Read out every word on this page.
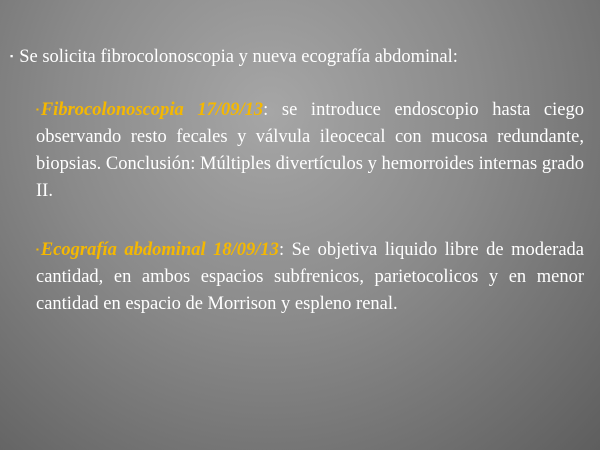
▪ Se solicita fibrocolonoscopia y nueva ecografía abdominal:
▪ Fibrocolonoscopia 17/09/13: se introduce endoscopio hasta ciego observando resto fecales y válvula ileocecal con mucosa redundante, biopsias. Conclusión: Múltiples divertículos y hemorroides internas grado II.
▪ Ecografía abdominal 18/09/13: Se objetiva liquido libre de moderada cantidad, en ambos espacios subfrenicos, parietocolicos y en menor cantidad en espacio de Morrison y espleno renal.
